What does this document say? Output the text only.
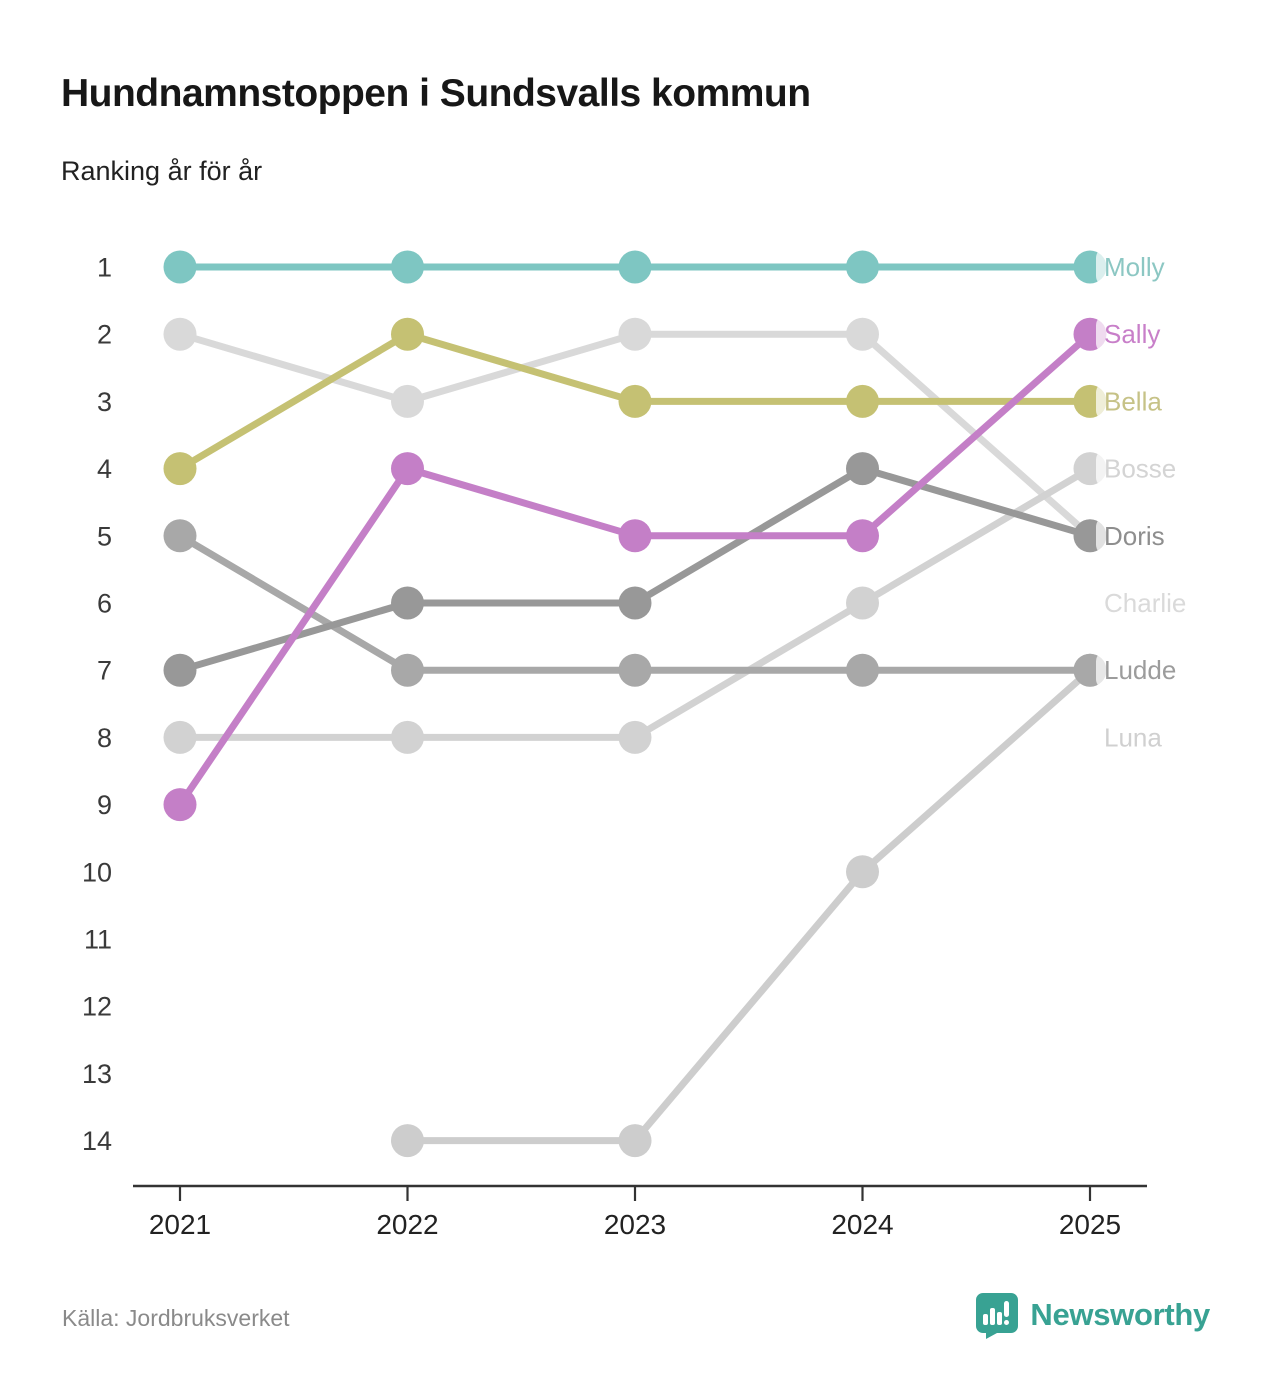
Hundnamnstoppen i Sundsvalls kommun

Ranking år för år

1
2
3
4
5
6
7
8
9
10
11
12
13
14
2021	2022	2023	2024	2025
Molly
Sally
Bella
Bosse
Doris
Charlie
Ludde
Luna
Källa: Jordbruksverket	Newsworthy
